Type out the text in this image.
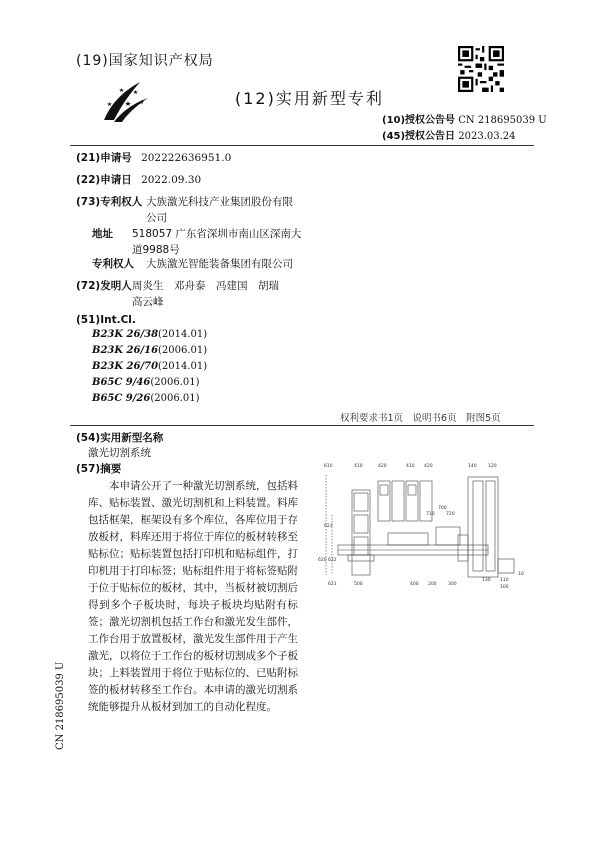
(19)国家知识产权局
(12)实用新型专利
(10)授权公告号 CN 218695039 U
(45)授权公告日 2023.03.24
(21)申请号 202222636951.0
(22)申请日 2022.09.30
(73)专利权人 大族激光科技产业集团股份有限
公司
地址 518057 广东省深圳市南山区深南大
道9988号
专利权人 大族激光智能装备集团有限公司
(72)发明人 周炎生　邓舟泰　冯建国　胡瑞
高云峰
(51)Int.Cl.
B23K 26/38(2014.01)
B23K 26/16(2006.01)
B23K 26/70(2014.01)
B65C 9/46(2006.01)
B65C 9/26(2006.01)
权利要求书1页　说明书6页　附图5页
(54)实用新型名称
激光切割系统
(57)摘要
本申请公开了一种激光切割系统，包括料库、贴标装置、激光切割机和上料装置。料库包括框架，框架设有多个库位，各库位用于存放板材，料库还用于将位于库位的板材转移至贴标位；贴标装置包括打印机和贴标组件，打印机用于打印标签；贴标组件用于将标签贴附于位于贴标位的板材，其中，当板材被切割后得到多个子板块时，每块子板块均贴附有标签；激光切割机包括工作台和激光发生部件，工作台用于放置板材，激光发生部件用于产生激光，以将位于工作台的板材切割成多个子板块；上料装置用于将位于贴标位的、已贴附标签的板材转移至工作台。本申请的激光切割系统能够提升从板材到加工的自动化程度。
610	410	420	410 420	140	120
700
710	720
623
620 622
621	500	400 200	300
130 110
100
10
CN 218695039 U
